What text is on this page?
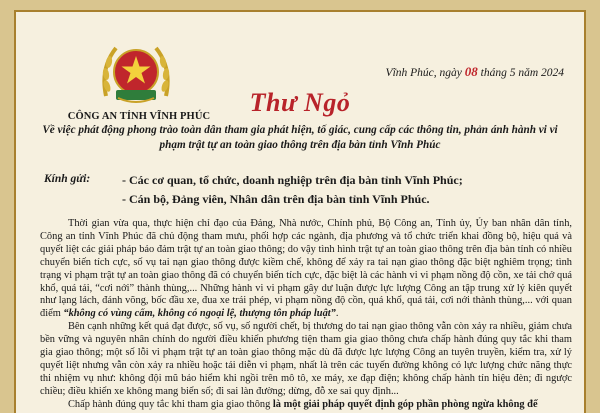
CÔNG AN TỈNH VĨNH PHÚC
Vĩnh Phúc, ngày 08 tháng 5 năm 2024
Thư Ngỏ
Về việc phát động phong trào toàn dân tham gia phát hiện, tố giác, cung cấp các thông tin, phản ánh hành vi vi phạm trật tự an toàn giao thông trên địa bàn tỉnh Vĩnh Phúc
Kính gửi:	- Các cơ quan, tổ chức, doanh nghiệp trên địa bàn tỉnh Vĩnh Phúc;
- Cán bộ, Đảng viên, Nhân dân trên địa bàn tỉnh Vĩnh Phúc.

Thời gian vừa qua, thực hiện chỉ đạo của Đảng, Nhà nước, Chính phủ, Bộ Công an, Tỉnh ủy, Ủy ban nhân dân tỉnh, Công an tỉnh Vĩnh Phúc đã chủ động tham mưu, phối hợp các ngành, địa phương và tổ chức triển khai đồng bộ, hiệu quả và quyết liệt các giải pháp bảo đảm trật tự an toàn giao thông; do vậy tình hình trật tự an toàn giao thông trên địa bàn tỉnh có nhiều chuyển biến tích cực, số vụ tai nạn giao thông được kiềm chế, không để xảy ra tai nạn giao thông đặc biệt nghiêm trọng; tình trạng vi phạm trật tự an toàn giao thông đã có chuyển biến tích cực, đặc biệt là các hành vi vi phạm nồng độ cồn, xe tải chở quá khổ, quá tải, “cơi nới” thành thùng,... Những hành vi vi phạm gây dư luận được lực lượng Công an tập trung xử lý kiên quyết như lạng lách, đánh võng, bốc đầu xe, đua xe trái phép, vi phạm nồng độ cồn, quá khổ, quá tải, cơi nới thành thùng,... với quan điểm “không có vùng cấm, không có ngoại lệ, thượng tôn pháp luật”.

Bên cạnh những kết quả đạt được, số vụ, số người chết, bị thương do tai nạn giao thông vẫn còn xảy ra nhiều, giảm chưa bền vững và nguyên nhân chính do người điều khiển phương tiện tham gia giao thông chưa chấp hành đúng quy tắc khi tham gia giao thông; một số lỗi vi phạm trật tự an toàn giao thông mặc dù đã được lực lượng Công an tuyên truyền, kiểm tra, xử lý quyết liệt nhưng vẫn còn xảy ra nhiều hoặc tái diễn vi phạm, nhất là trên các tuyến đường không có lực lượng chức năng thực thi nhiệm vụ như: không đội mũ bảo hiểm khi ngồi trên mô tô, xe máy, xe đạp điện; không chấp hành tín hiệu đèn; đi ngược chiều; điều khiển xe không mang biển số; đi sai làn đường; dừng, đỗ xe sai quy định...

Chấp hành đúng quy tắc khi tham gia giao thông là một giải pháp quyết định góp phần phòng ngừa không để
